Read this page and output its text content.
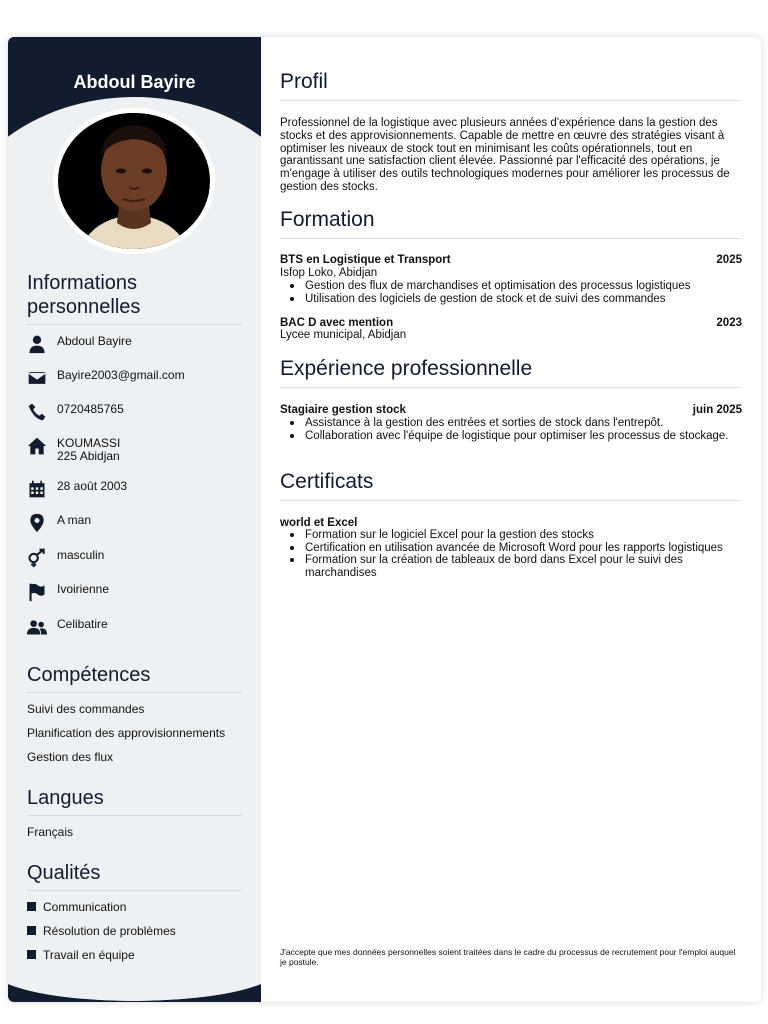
Abdoul Bayire
Informations personnelles
Abdoul Bayire
Bayire2003@gmail.com
0720485765
KOUMASSI
225 Abidjan
28 août 2003
A man
masculin
Ivoirienne
Celibatire
Compétences
Suivi des commandes
Planification des approvisionnements
Gestion des flux
Langues
Français
Qualités
Communication
Résolution de problèmes
Travail en équipe
Profil
Professionnel de la logistique avec plusieurs années d'expérience dans la gestion des stocks et des approvisionnements. Capable de mettre en œuvre des stratégies visant à optimiser les niveaux de stock tout en minimisant les coûts opérationnels, tout en garantissant une satisfaction client élevée. Passionné par l'efficacité des opérations, je m'engage à utiliser des outils technologiques modernes pour améliorer les processus de gestion des stocks.
Formation
BTS en Logistique et Transport	2025
Isfop Loko, Abidjan
Gestion des flux de marchandises et optimisation des processus logistiques
Utilisation des logiciels de gestion de stock et de suivi des commandes
BAC D avec mention	2023
Lycee municipal, Abidjan
Expérience professionnelle
Stagiaire gestion stock	juin 2025
Assistance à la gestion des entrées et sorties de stock dans l'entrepôt.
Collaboration avec l'équipe de logistique pour optimiser les processus de stockage.
Certificats
world et Excel
Formation sur le logiciel Excel pour la gestion des stocks
Certification en utilisation avancée de Microsoft Word pour les rapports logistiques
Formation sur la création de tableaux de bord dans Excel pour le suivi des marchandises
J'accepte que mes données personnelles soient traitées dans le cadre du processus de recrutement pour l'emploi auquel je postule.
